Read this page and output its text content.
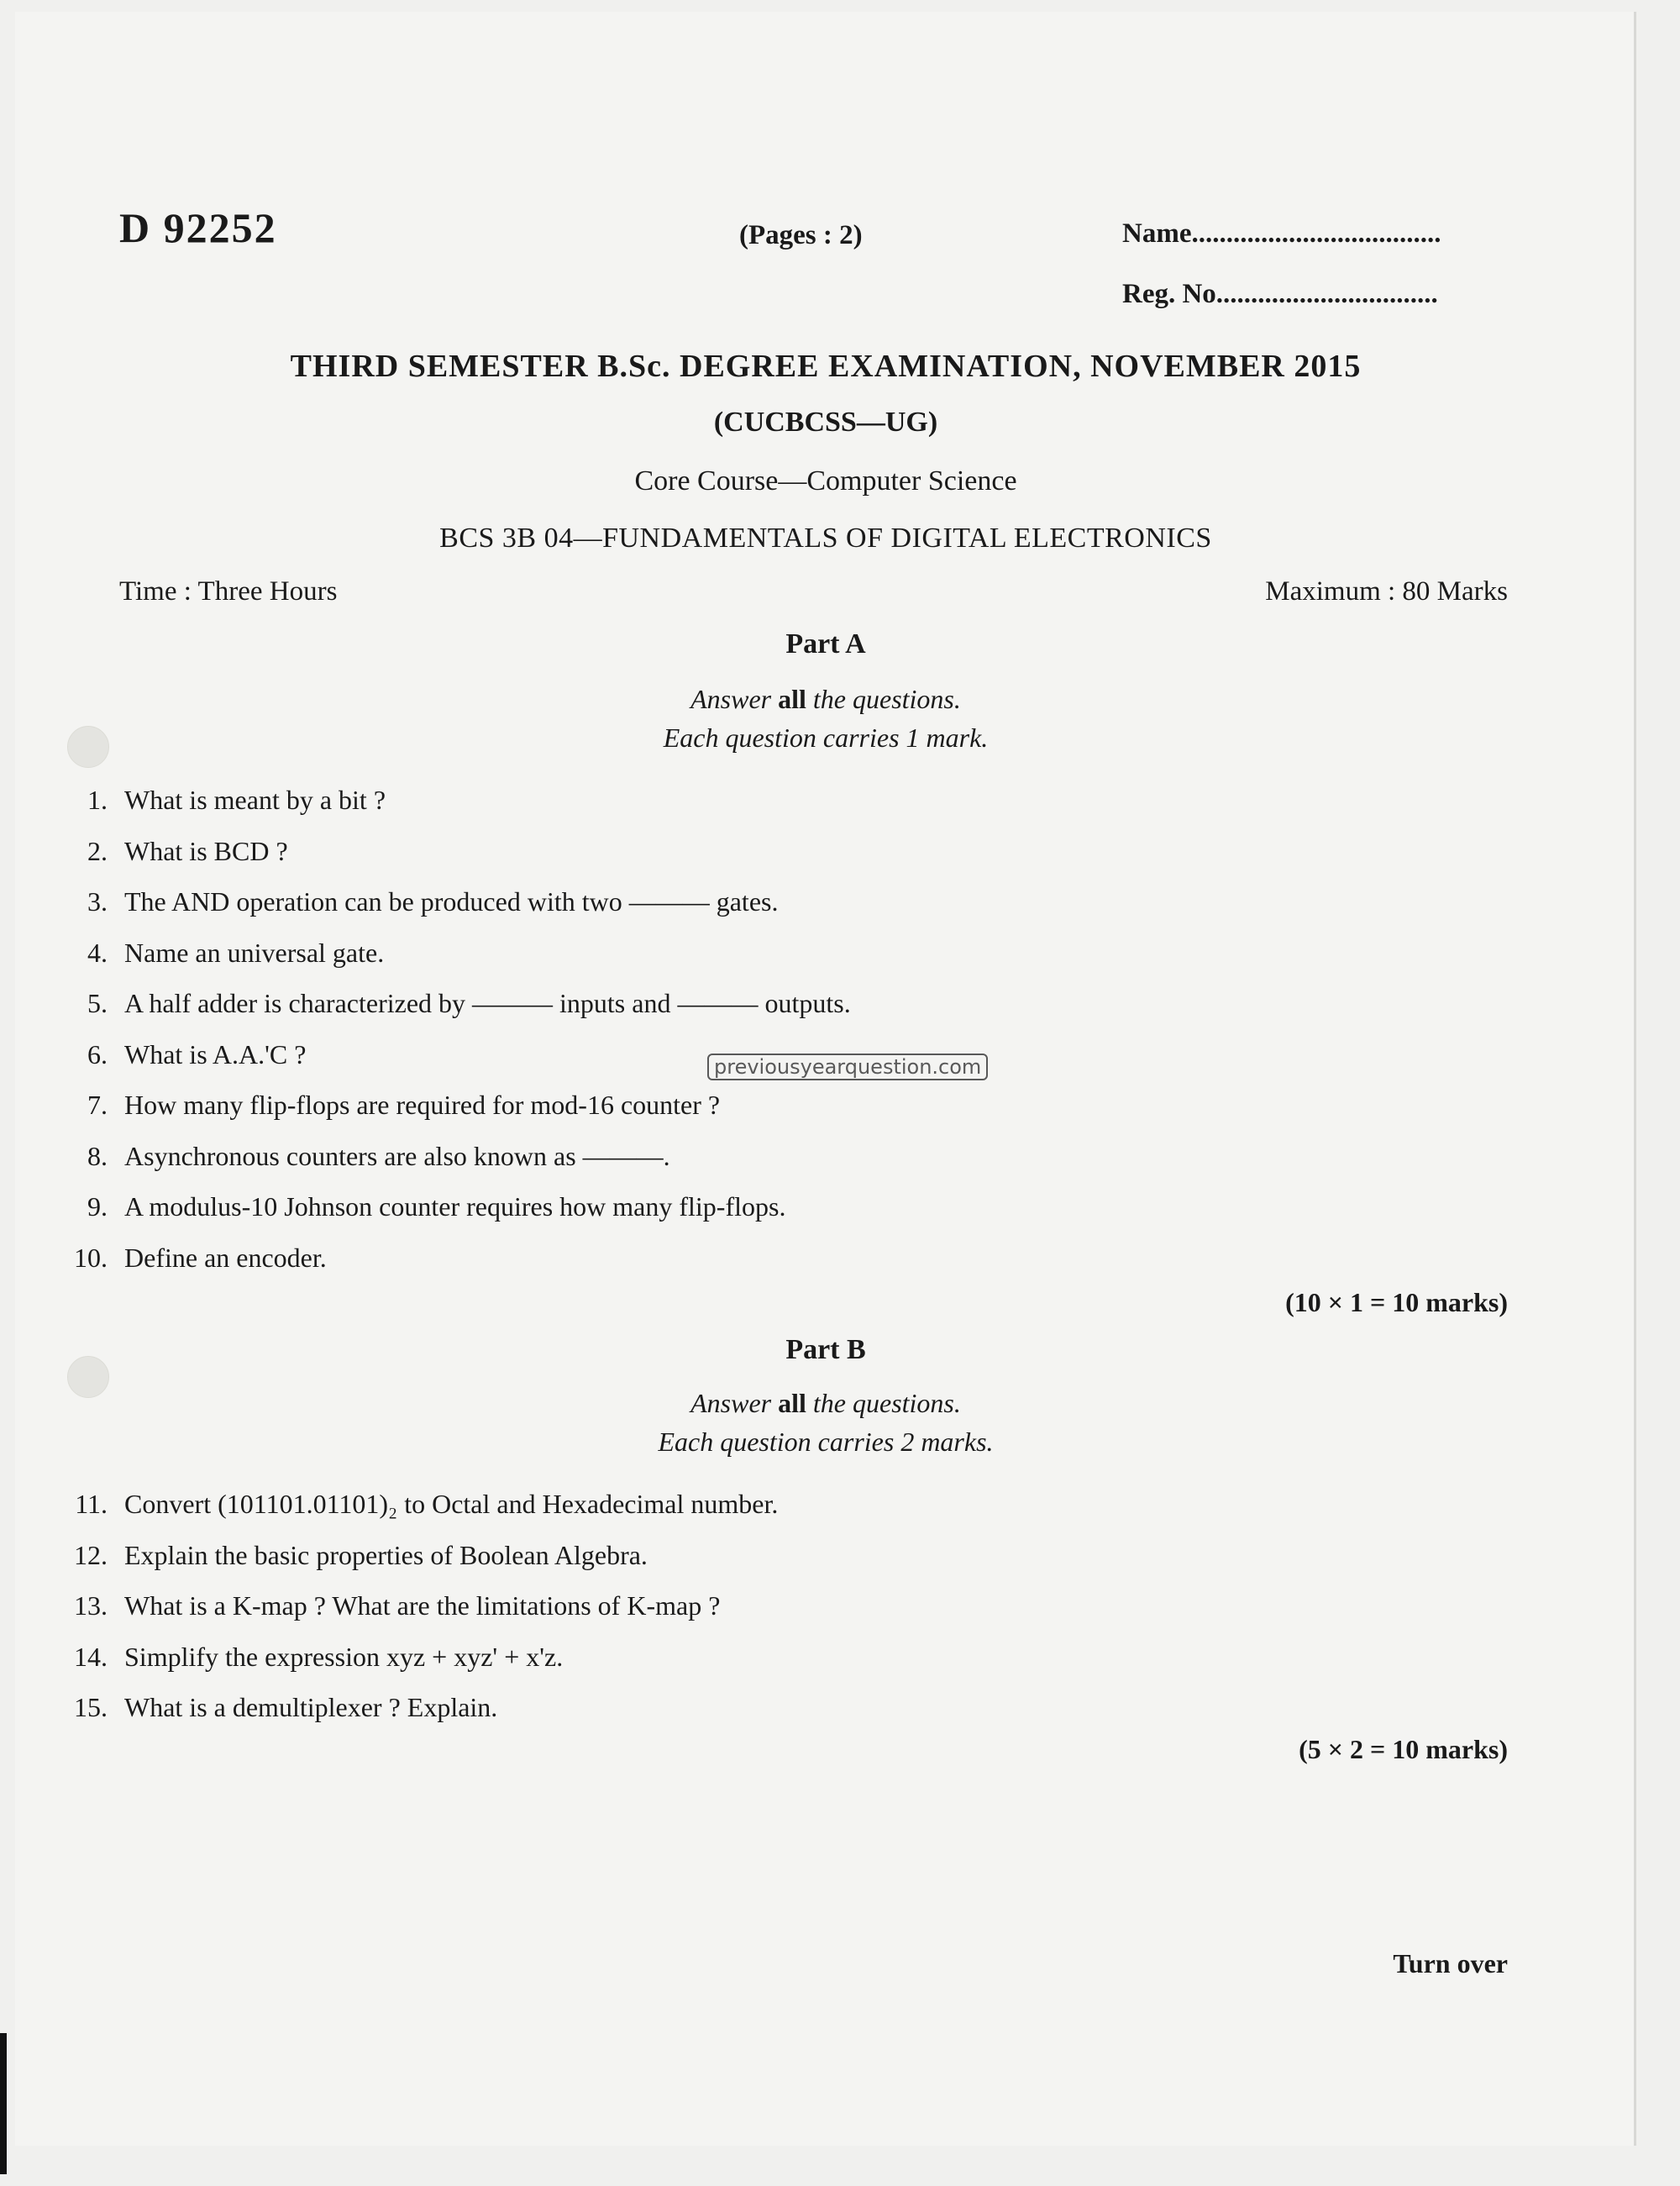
D 92252	(Pages : 2)	Name....................................
Reg. No................................
THIRD SEMESTER B.Sc. DEGREE EXAMINATION, NOVEMBER 2015
(CUCBCSS—UG)
Core Course—Computer Science
BCS 3B 04—FUNDAMENTALS OF DIGITAL ELECTRONICS
Time : Three Hours	Maximum : 80 Marks
Part A
Answer all the questions.
Each question carries 1 mark.
1. What is meant by a bit ?
2. What is BCD ?
3. The AND operation can be produced with two ——— gates.
4. Name an universal gate.
5. A half adder is characterized by ——— inputs and ——— outputs.
6. What is A.A.'C ?
7. How many flip-flops are required for mod-16 counter ?
8. Asynchronous counters are also known as ———.
9. A modulus-10 Johnson counter requires how many flip-flops.
10. Define an encoder.
(10 × 1 = 10 marks)
Part B
Answer all the questions.
Each question carries 2 marks.
11. Convert (101101.01101)₂ to Octal and Hexadecimal number.
12. Explain the basic properties of Boolean Algebra.
13. What is a K-map ? What are the limitations of K-map ?
14. Simplify the expression xyz + xyz' + x'z.
15. What is a demultiplexer ? Explain.
(5 × 2 = 10 marks)
Turn over
previousyearquestion.com
